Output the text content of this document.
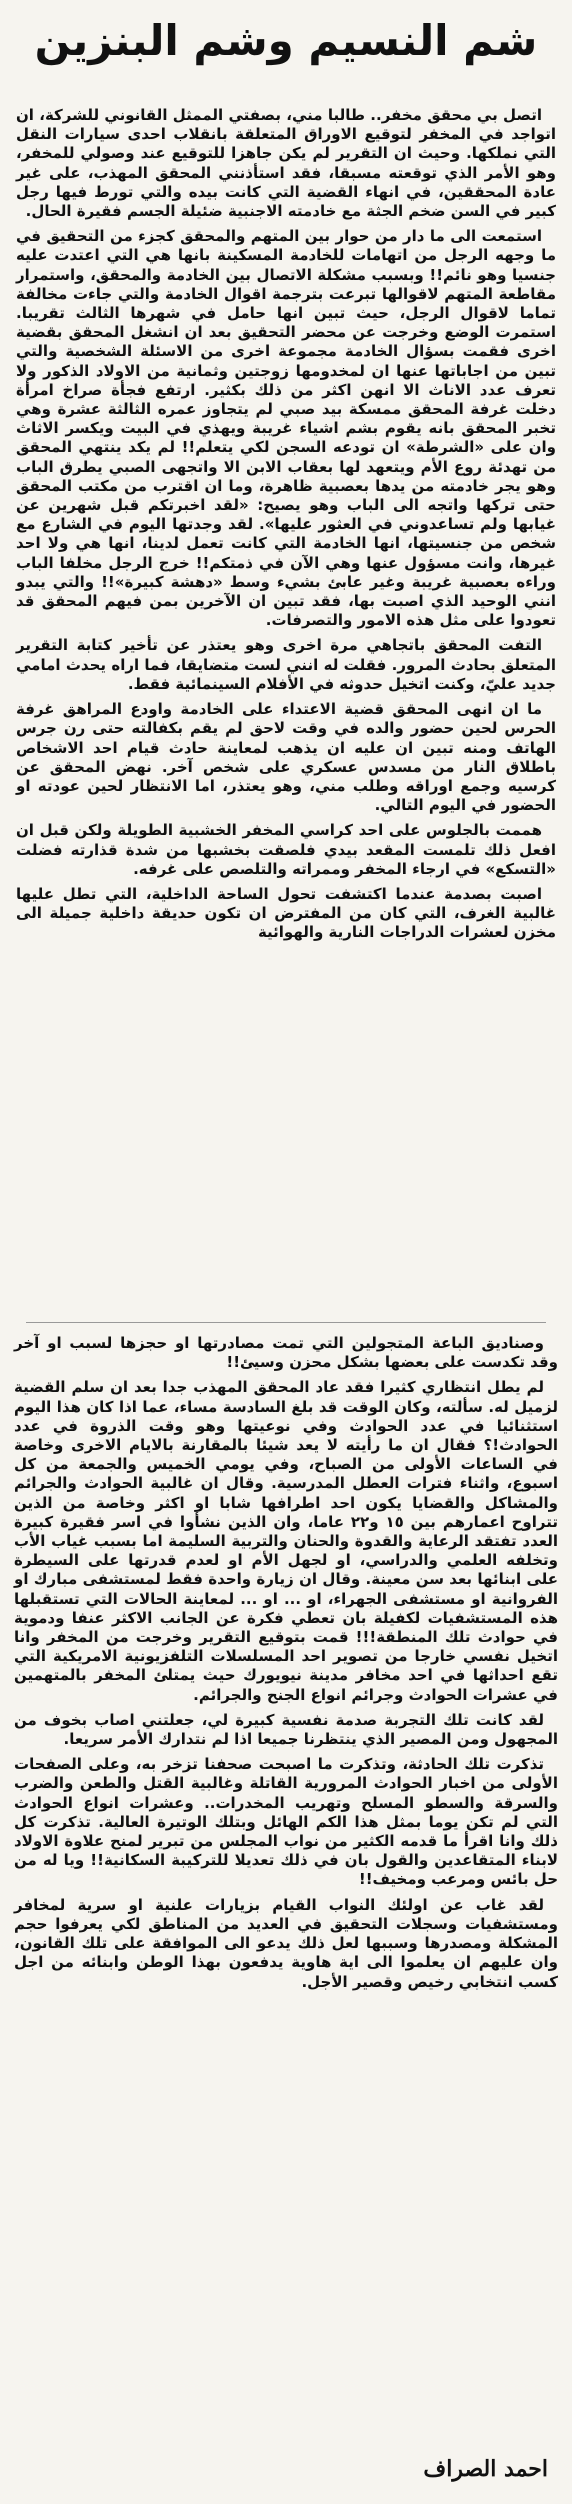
شم النسيم وشم البنزين

اتصل بي محقق مخفر.. طالبا مني، بصفتي الممثل القانوني للشركة، ان اتواجد في المخفر لتوقيع الاوراق المتعلقة بانقلاب احدى سيارات النقل التي نملكها. وحيث ان التقرير لم يكن جاهزا للتوقيع عند وصولي للمخفر، وهو الأمر الذي توقعته مسبقا، فقد استأذنني المحقق المهذب، على غير عادة المحققين، في انهاء القضية التي كانت بيده والتي تورط فيها رجل كبير في السن ضخم الجثة مع خادمته الاجنبية ضئيلة الجسم فقيرة الحال.

استمعت الى ما دار من حوار بين المتهم والمحقق كجزء من التحقيق في ما وجهه الرجل من اتهامات للخادمة المسكينة بانها هي التي اعتدت عليه جنسيا وهو نائم!! وبسبب مشكلة الاتصال بين الخادمة والمحقق، واستمرار مقاطعة المتهم لاقوالها تبرعت بترجمة اقوال الخادمة والتي جاءت مخالفة تماما لاقوال الرجل، حيث تبين انها حامل في شهرها الثالث تقريبا. استمرت الوضع وخرجت عن محضر التحقيق بعد ان انشغل المحقق بقضية اخرى فقمت بسؤال الخادمة مجموعة اخرى من الاسئلة الشخصية والتي تبين من اجاباتها عنها ان لمخدومها زوجتين وثمانية من الاولاد الذكور ولا تعرف عدد الاناث الا انهن اكثر من ذلك بكثير. ارتفع فجأة صراخ امرأة دخلت غرفة المحقق ممسكة بيد صبي لم يتجاوز عمره الثالثة عشرة وهي تخبر المحقق بانه يقوم بشم اشياء غريبة ويهذي في البيت ويكسر الاثاث وان على «الشرطة» ان تودعه السجن لكي يتعلم!! لم يكد ينتهي المحقق من تهدئة روع الأم ويتعهد لها بعقاب الابن الا واتجهى الصبي يطرق الباب وهو يجر خادمته من يدها بعصبية ظاهرة، وما ان اقترب من مكتب المحقق حتى تركها واتجه الى الباب وهو يصيح: «لقد اخبرتكم قبل شهرين عن غيابها ولم تساعدوني في العثور عليها». لقد وجدتها اليوم في الشارع مع شخص من جنسيتها، انها الخادمة التي كانت تعمل لدينا، انها هي ولا احد غيرها، وانت مسؤول عنها وهي الآن في ذمتكم!! خرج الرجل مخلفا الباب وراءه بعصبية غريبة وغير عابئ بشيء وسط «دهشة كبيرة»!! والتي يبدو انني الوحيد الذي اصبت بها، فقد تبين ان الآخرين بمن فيهم المحقق قد تعودوا على مثل هذه الامور والتصرفات.

التفت المحقق باتجاهي مرة اخرى وهو يعتذر عن تأخير كتابة التقرير المتعلق بحادث المرور. فقلت له انني لست متضايقا، فما اراه يحدث امامي جديد عليّ، وكنت اتخيل حدوثه في الأفلام السينمائية فقط.

ما ان انهى المحقق قضية الاعتداء على الخادمة واودع المراهق غرفة الحرس لحين حضور والده في وقت لاحق لم يقم بكفالته حتى رن جرس الهاتف ومنه تبين ان عليه ان يذهب لمعاينة حادث قيام احد الاشخاص باطلاق النار من مسدس عسكري على شخص آخر. نهض المحقق عن كرسيه وجمع اوراقه وطلب مني، وهو يعتذر، اما الانتظار لحين عودته او الحضور في اليوم التالي.

هممت بالجلوس على احد كراسي المخفر الخشبية الطويلة ولكن قبل ان افعل ذلك تلمست المقعد بيدي فلصقت بخشبها من شدة قذارته فضلت «التسكع» في ارجاء المخفر وممراته والتلصص على غرفه.

اصبت بصدمة عندما اكتشفت تحول الساحة الداخلية، التي تطل عليها غالبية الغرف، التي كان من المفترض ان تكون حديقة داخلية جميلة الى مخزن لعشرات الدراجات النارية والهوائية

وصناديق الباعة المتجولين التي تمت مصادرتها او حجزها لسبب او آخر وقد تكدست على بعضها بشكل محزن وسيئ!!

لم يطل انتظاري كثيرا فقد عاد المحقق المهذب جدا بعد ان سلم القضية لزميل له. سألته، وكان الوقت قد بلغ السادسة مساء، عما اذا كان هذا اليوم استثنائيا في عدد الحوادث وفي نوعيتها وهو وقت الذروة في عدد الحوادث!؟ فقال ان ما رأيته لا يعد شيئا بالمقارنة بالايام الاخرى وخاصة في الساعات الأولى من الصباح، وفي يومي الخميس والجمعة من كل اسبوع، واثناء فترات العطل المدرسية. وقال ان غالبية الحوادث والجرائم والمشاكل والقضايا يكون احد اطرافها شابا او اكثر وخاصة من الذين تتراوح اعمارهم بين ١٥ و٢٢ عاما، وان الذين نشأوا في اسر فقيرة كبيرة العدد تفتقد الرعاية والقدوة والحنان والتربية السليمة اما بسبب غياب الأب وتخلفه العلمي والدراسي، او لجهل الأم او لعدم قدرتها على السيطرة على ابنائها بعد سن معينة. وقال ان زيارة واحدة فقط لمستشفى مبارك او الفروانية او مستشفى الجهراء، او ... او ... لمعاينة الحالات التي تستقبلها هذه المستشفيات لكفيلة بان تعطي فكرة عن الجانب الاكثر عنفا ودموية في حوادث تلك المنطقة!!! قمت بتوقيع التقرير وخرجت من المخفر وانا اتخيل نفسي خارجا من تصوير احد المسلسلات التلفزيونية الامريكية التي تقع احداثها في احد مخافر مدينة نيويورك حيث يمتلئ المخفر بالمتهمين في عشرات الحوادث وجرائم انواع الجنح والجرائم.

لقد كانت تلك التجربة صدمة نفسية كبيرة لي، جعلتني اصاب بخوف من المجهول ومن المصير الذي ينتظرنا جميعا اذا لم نتدارك الأمر سريعا.

تذكرت تلك الحادثة، وتذكرت ما اصبحت صحفنا تزخر به، وعلى الصفحات الأولى من اخبار الحوادث المرورية القاتلة وغالبية القتل والطعن والضرب والسرقة والسطو المسلح وتهريب المخدرات.. وعشرات انواع الحوادث التي لم تكن يوما بمثل هذا الكم الهائل وبتلك الوتيرة العالية. تذكرت كل ذلك وانا اقرأ ما قدمه الكثير من نواب المجلس من تبرير لمنح علاوة الاولاد لابناء المتقاعدين والقول بان في ذلك تعديلا للتركيبة السكانية!! ويا له من حل بائس ومرعب ومخيف!!

لقد غاب عن اولئك النواب القيام بزيارات علنية او سرية لمخافر ومستشفيات وسجلات التحقيق في العديد من المناطق لكي يعرفوا حجم المشكلة ومصدرها وسببها لعل ذلك يدعو الى الموافقة على تلك القانون، وان عليهم ان يعلموا الى اية هاوية يدفعون بهذا الوطن وابنائه من اجل كسب انتخابي رخيص وقصير الأجل.

احمد الصراف
